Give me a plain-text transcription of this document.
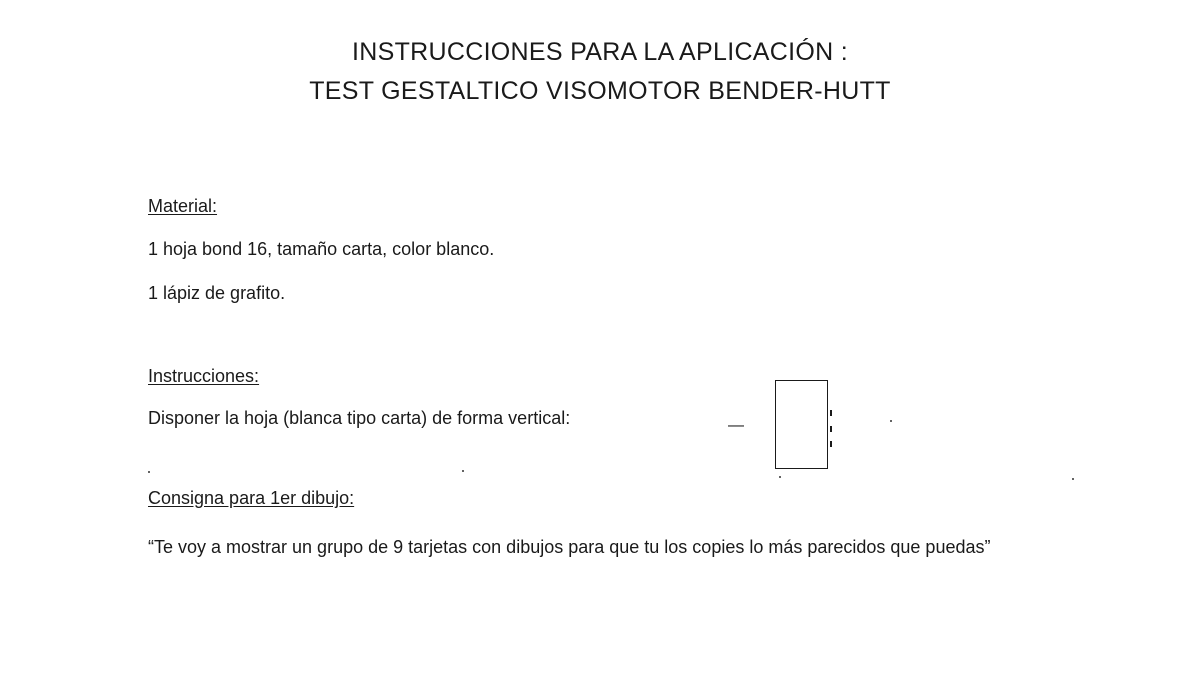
INSTRUCCIONES PARA LA APLICACIÓN :
TEST GESTALTICO VISOMOTOR BENDER-HUTT
Material:
1 hoja bond 16, tamaño carta, color blanco.
1 lápiz de grafito.
Instrucciones:
Disponer la hoja (blanca tipo carta) de forma vertical:	—
Consigna para 1er dibujo:
“Te voy a mostrar un grupo de 9 tarjetas con dibujos para que tu los copies lo más parecidos que puedas”
